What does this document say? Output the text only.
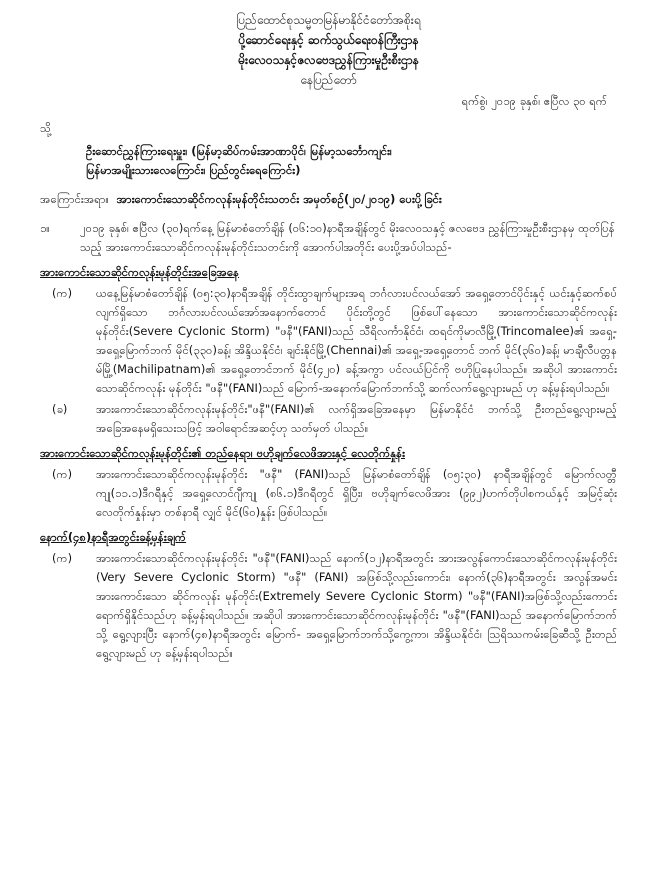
ပြည်ထောင်စုသမ္မတမြန်မာနိုင်ငံတော်အစိုးရ
ပို့ဆောင်ရေးနှင့် ဆက်သွယ်ရေးဝန်ကြီးဌာန
မိုးလေဝသနှင့်ဇလဗေဒညွှန်ကြားမှုဦးစီးဌာန
နေပြည်တော်
ရက်စွဲ၊ ၂၀၁၉ ခုနှစ်၊ ဧပြီလ ၃၀ ရက်
သို့
ဦးဆောင်ညွှန်ကြားရေးမှူး၊ (မြန်မာ့ဆိပ်ကမ်းအာဏာပိုင်၊ မြန်မာ့သင်္ဘောကျင်း၊
မြန်မာအမျိုးသားလေကြောင်း၊ ပြည်တွင်းရေကြောင်း)
အကြောင်းအရာ။ အားကောင်းသောဆိုင်ကလုန်းမုန်တိုင်းသတင်း အမှတ်စဉ်(၂၀/၂၀၁၉) ပေးပို့ခြင်း
၁။	၂၀၁၉ ခုနှစ်၊ ဧပြီလ (၃၀)ရက်နေ့ မြန်မာစံတော်ချိန် (၀၆:၁၀)နာရီအချိန်တွင် မိုးလေဝသနှင့် ဇလဗေဒ ညွှန်ကြားမှုဦးစီးဌာနမှ ထုတ်ပြန်သည့် အားကောင်းသောဆိုင်ကလုန်းမုန်တိုင်းသတင်းကို အောက်ပါအတိုင်း ပေးပို့အပ်ပါသည်-
အားကောင်းသောဆိုင်ကလုန်းမုန်တိုင်းအခြေအနေ
(က)	ယနေ့မြန်မာစံတော်ချိန် (၀၅:၃၀)နာရီအချိန် တိုင်းထွာချက်များအရ ဘင်္ဂလားပင်လယ်အော် အရှေ့တောင်ပိုင်းနှင့် ယင်းနှင့်ဆက်စပ်လျက်ရှိသော ဘင်္ဂလားပင်လယ်အော်အနောက်တောင် ပိုင်းတို့တွင် ဖြစ်ပေါ်နေသော အားကောင်းသောဆိုင်ကလုန်းမုန်တိုင်း(Severe Cyclonic Storm) "ဖနီ"(FANI)သည် သီရိလင်္ကာနိုင်ငံ၊ ထရင်ကိုမာလီမြို့(Trincomalee)၏ အရှေ့-အရှေ့မြောက်ဘက် မိုင်(၃၃၀)ခန့်၊ အိန္ဒိယနိုင်ငံ၊ ချင်းနိုင်မြို့(Chennai)၏ အရှေ့-အရှေ့တောင် ဘက် မိုင်(၃၆၀)ခန့်၊ မာချီလီပတ္တနမ်မြို့(Machilipatnam)၏ အရှေ့တောင်ဘက် မိုင်(၄၂၀) ခန့်အကွာ ပင်လယ်ပြင်ကို ဗဟိုပြုနေပါသည်။ အဆိုပါ အားကောင်းသောဆိုင်ကလုန်း မုန်တိုင်း "ဖနီ"(FANI)သည် မြောက်-အနောက်မြောက်ဘက်သို့ ဆက်လက်ရွေ့လျားမည် ဟု ခန့်မှန်းရပါသည်။
(ခ)	အားကောင်းသောဆိုင်ကလုန်းမုန်တိုင်း"ဖနီ"(FANI)၏ လက်ရှိအခြေအနေမှာ မြန်မာနိုင်ငံ ဘက်သို့ ဦးတည်ရွေ့လျားမည့် အခြေအနေမရှိသေးသဖြင့် အဝါရောင်အဆင့်ဟု သတ်မှတ် ပါသည်။
အားကောင်းသောဆိုင်ကလုန်းမုန်တိုင်း၏ တည်နေရာ၊ ဗဟိုချက်လေဖိအားနှင့် လေတိုက်နှုန်း
(က)	အားကောင်းသောဆိုင်ကလုန်းမုန်တိုင်း "ဖနီ" (FANI)သည် မြန်မာစံတော်ချိန် (၀၅:၃၀) နာရီအချိန်တွင် မြောက်လတ္တီကျု(၁၁.၁)ဒီဂရီနှင့် အရှေ့လောင်ဂျီကျု (၈၆.၁)ဒီဂရီတွင် ရှိပြီး၊ ဗဟိုချက်လေဖိအား (၉၉၂)ဟက်တိုပါစကယ်နှင့် အမြင့်ဆုံးလေတိုက်နှုန်းမှာ တစ်နာရီ လျှင် မိုင်(၆၀)နှုန်း ဖြစ်ပါသည်။
နောက်(၄၈)နာရီအတွင်းခန့်မှန်းချက်
(က)	အားကောင်းသောဆိုင်ကလုန်းမုန်တိုင်း "ဖနီ"(FANI)သည် နောက်(၁၂)နာရီအတွင်း အားအလွန်ကောင်းသောဆိုင်ကလုန်းမုန်တိုင်း (Very Severe Cyclonic Storm) "ဖနီ" (FANI) အဖြစ်သို့လည်းကောင်း၊ နောက်(၃၆)နာရီအတွင်း အလွန်အမင်းအားကောင်းသော ဆိုင်ကလုန်း မုန်တိုင်း(Extremely Severe Cyclonic Storm) "ဖနီ"(FANI)အဖြစ်သို့လည်းကောင်း ရောက်ရှိနိုင်သည်ဟု ခန့်မှန်းရပါသည်။ အဆိုပါ အားကောင်းသောဆိုင်ကလုန်းမုန်တိုင်း "ဖနီ"(FANI)သည် အနောက်မြောက်ဘက်သို့ ရွေ့လျားပြီး နောက်(၄၈)နာရီအတွင်း မြောက်- အရှေ့မြောက်ဘက်သို့ကွေ့ကာ၊ အိန္ဒိယနိုင်ငံ၊ ဩရိဿကမ်းခြေဆီသို့ ဦးတည်ရွေ့လျားမည် ဟု ခန့်မှန်းရပါသည်။
